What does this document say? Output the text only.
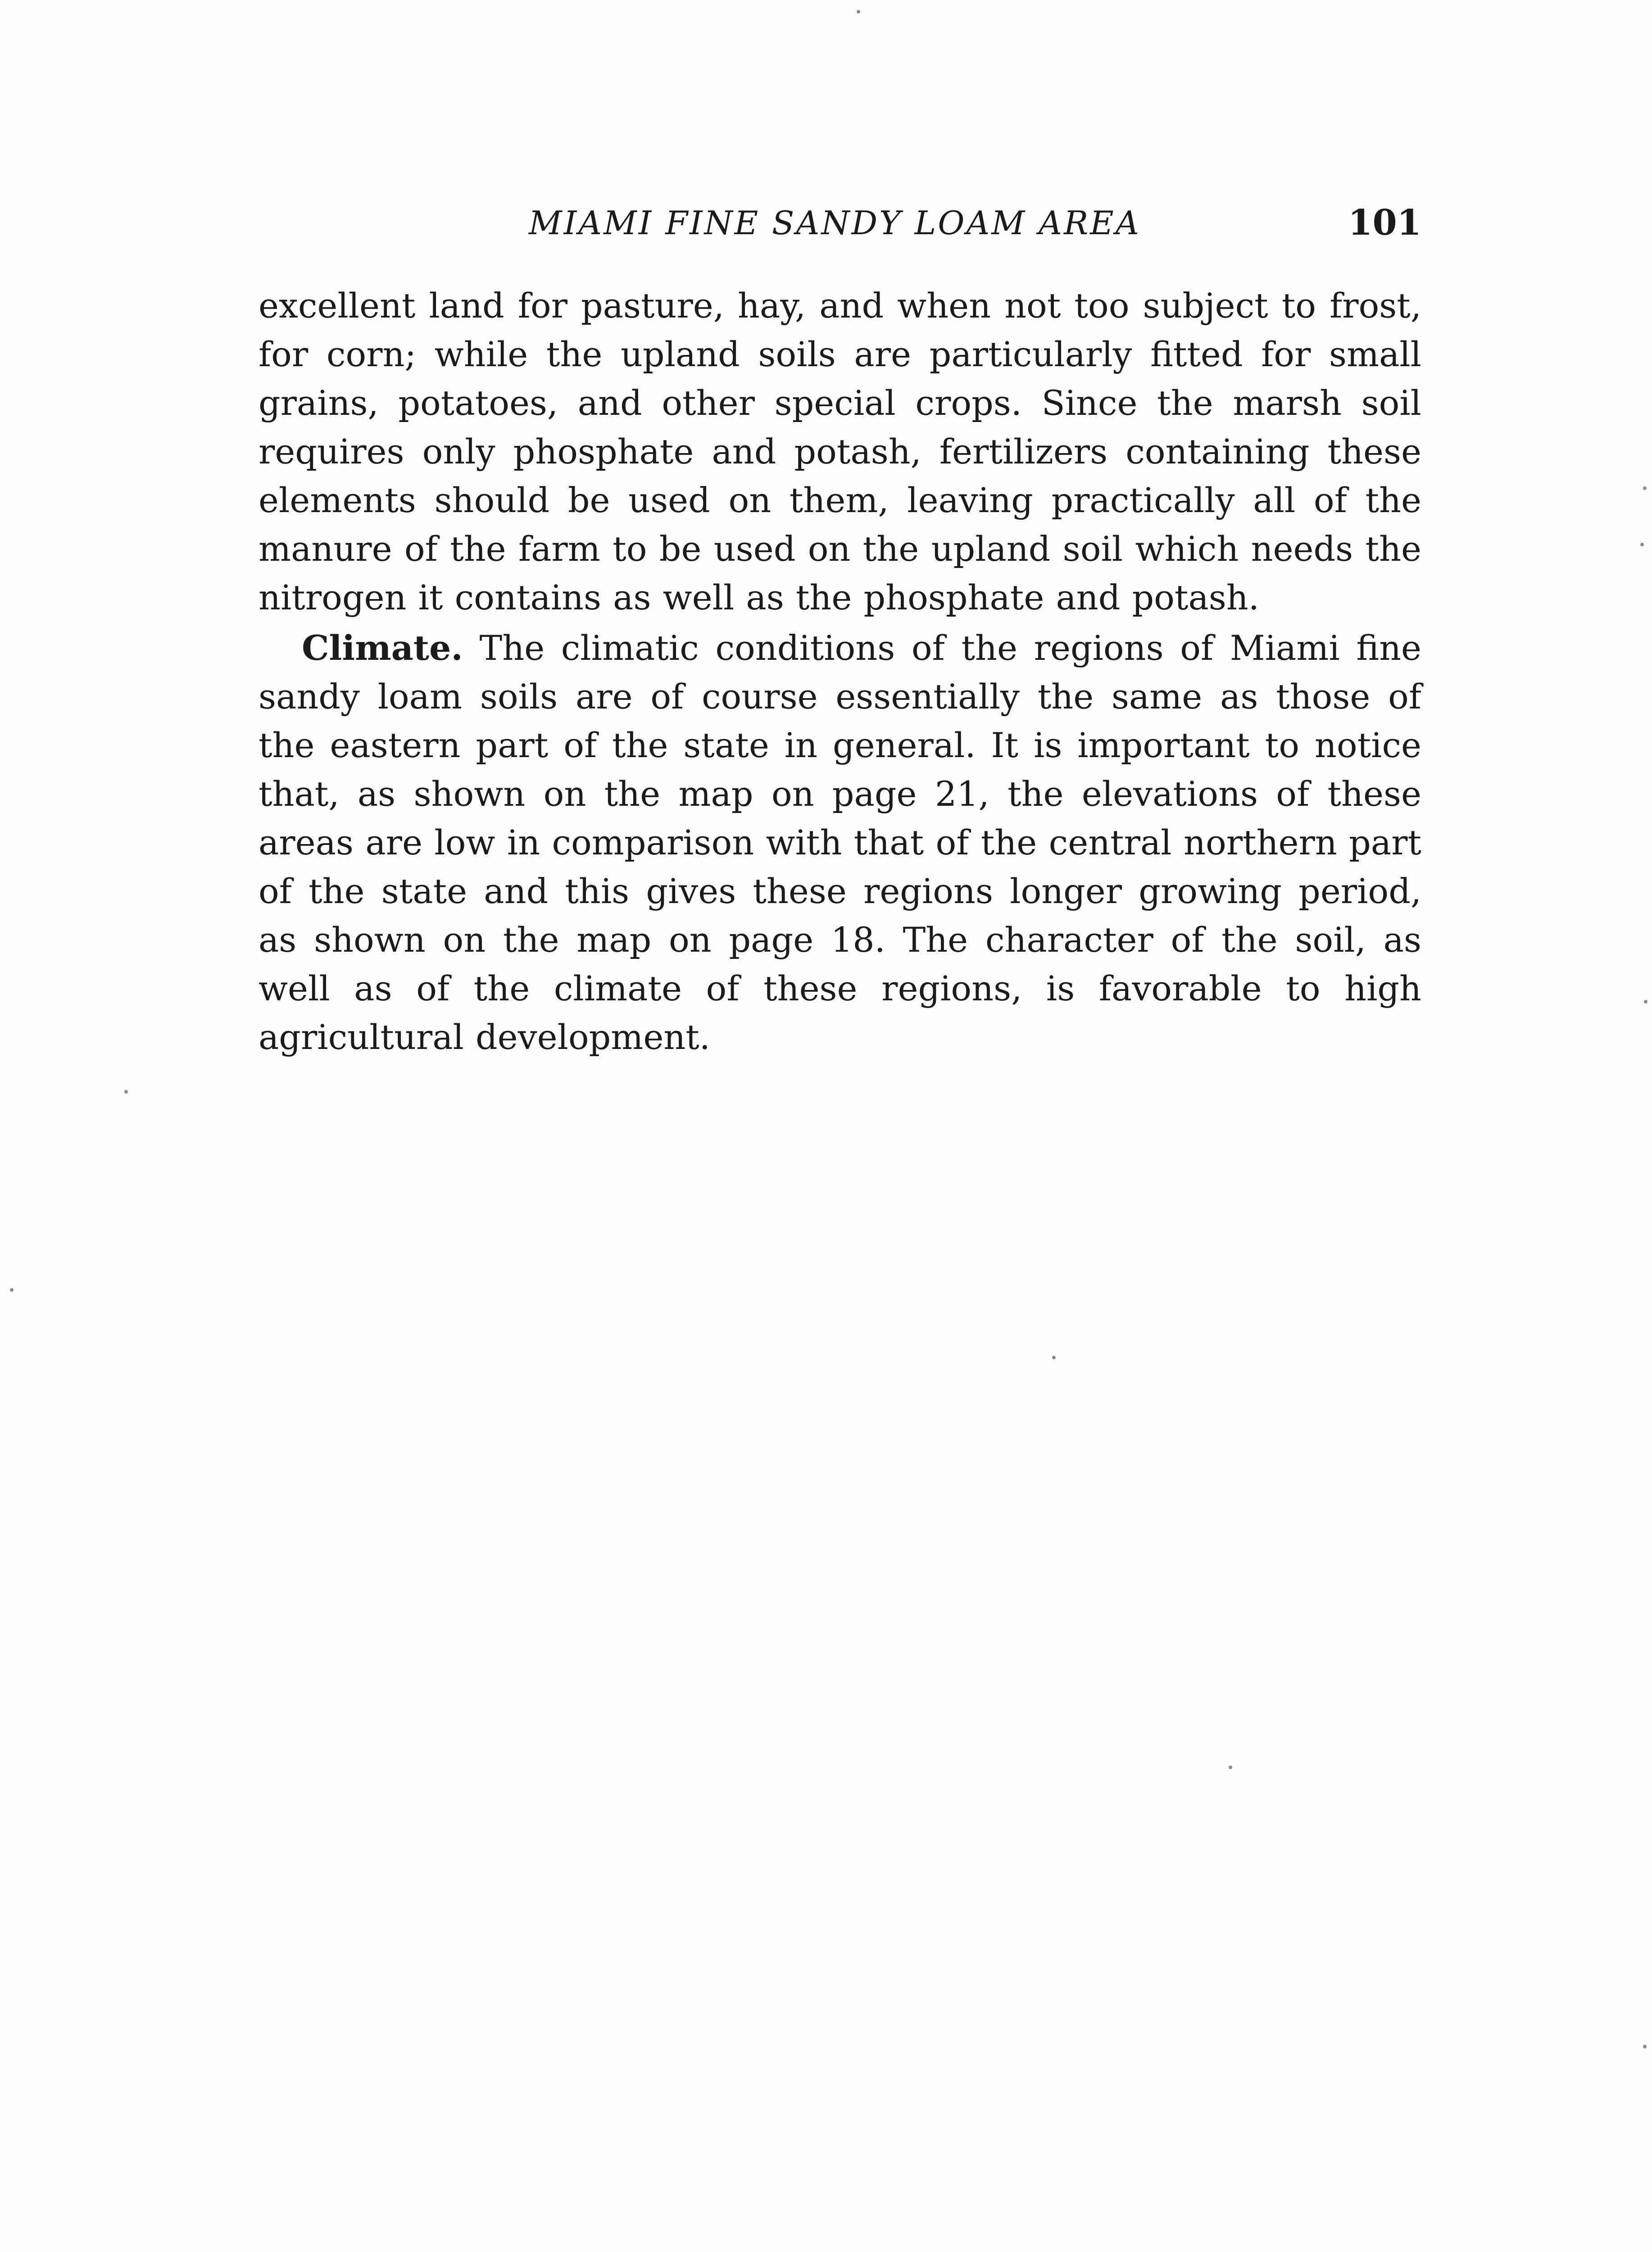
MIAMI FINE SANDY LOAM AREA	101

excellent land for pasture, hay, and when not too subject to frost, for corn; while the upland soils are particularly fitted for small grains, potatoes, and other special crops. Since the marsh soil requires only phosphate and potash, fertilizers containing these elements should be used on them, leaving practically all of the manure of the farm to be used on the upland soil which needs the nitrogen it contains as well as the phosphate and potash.

Climate. The climatic conditions of the regions of Miami fine sandy loam soils are of course essentially the same as those of the eastern part of the state in general. It is important to notice that, as shown on the map on page 21, the elevations of these areas are low in comparison with that of the central northern part of the state and this gives these regions longer growing period, as shown on the map on page 18. The character of the soil, as well as of the climate of these regions, is favorable to high agricultural development.
